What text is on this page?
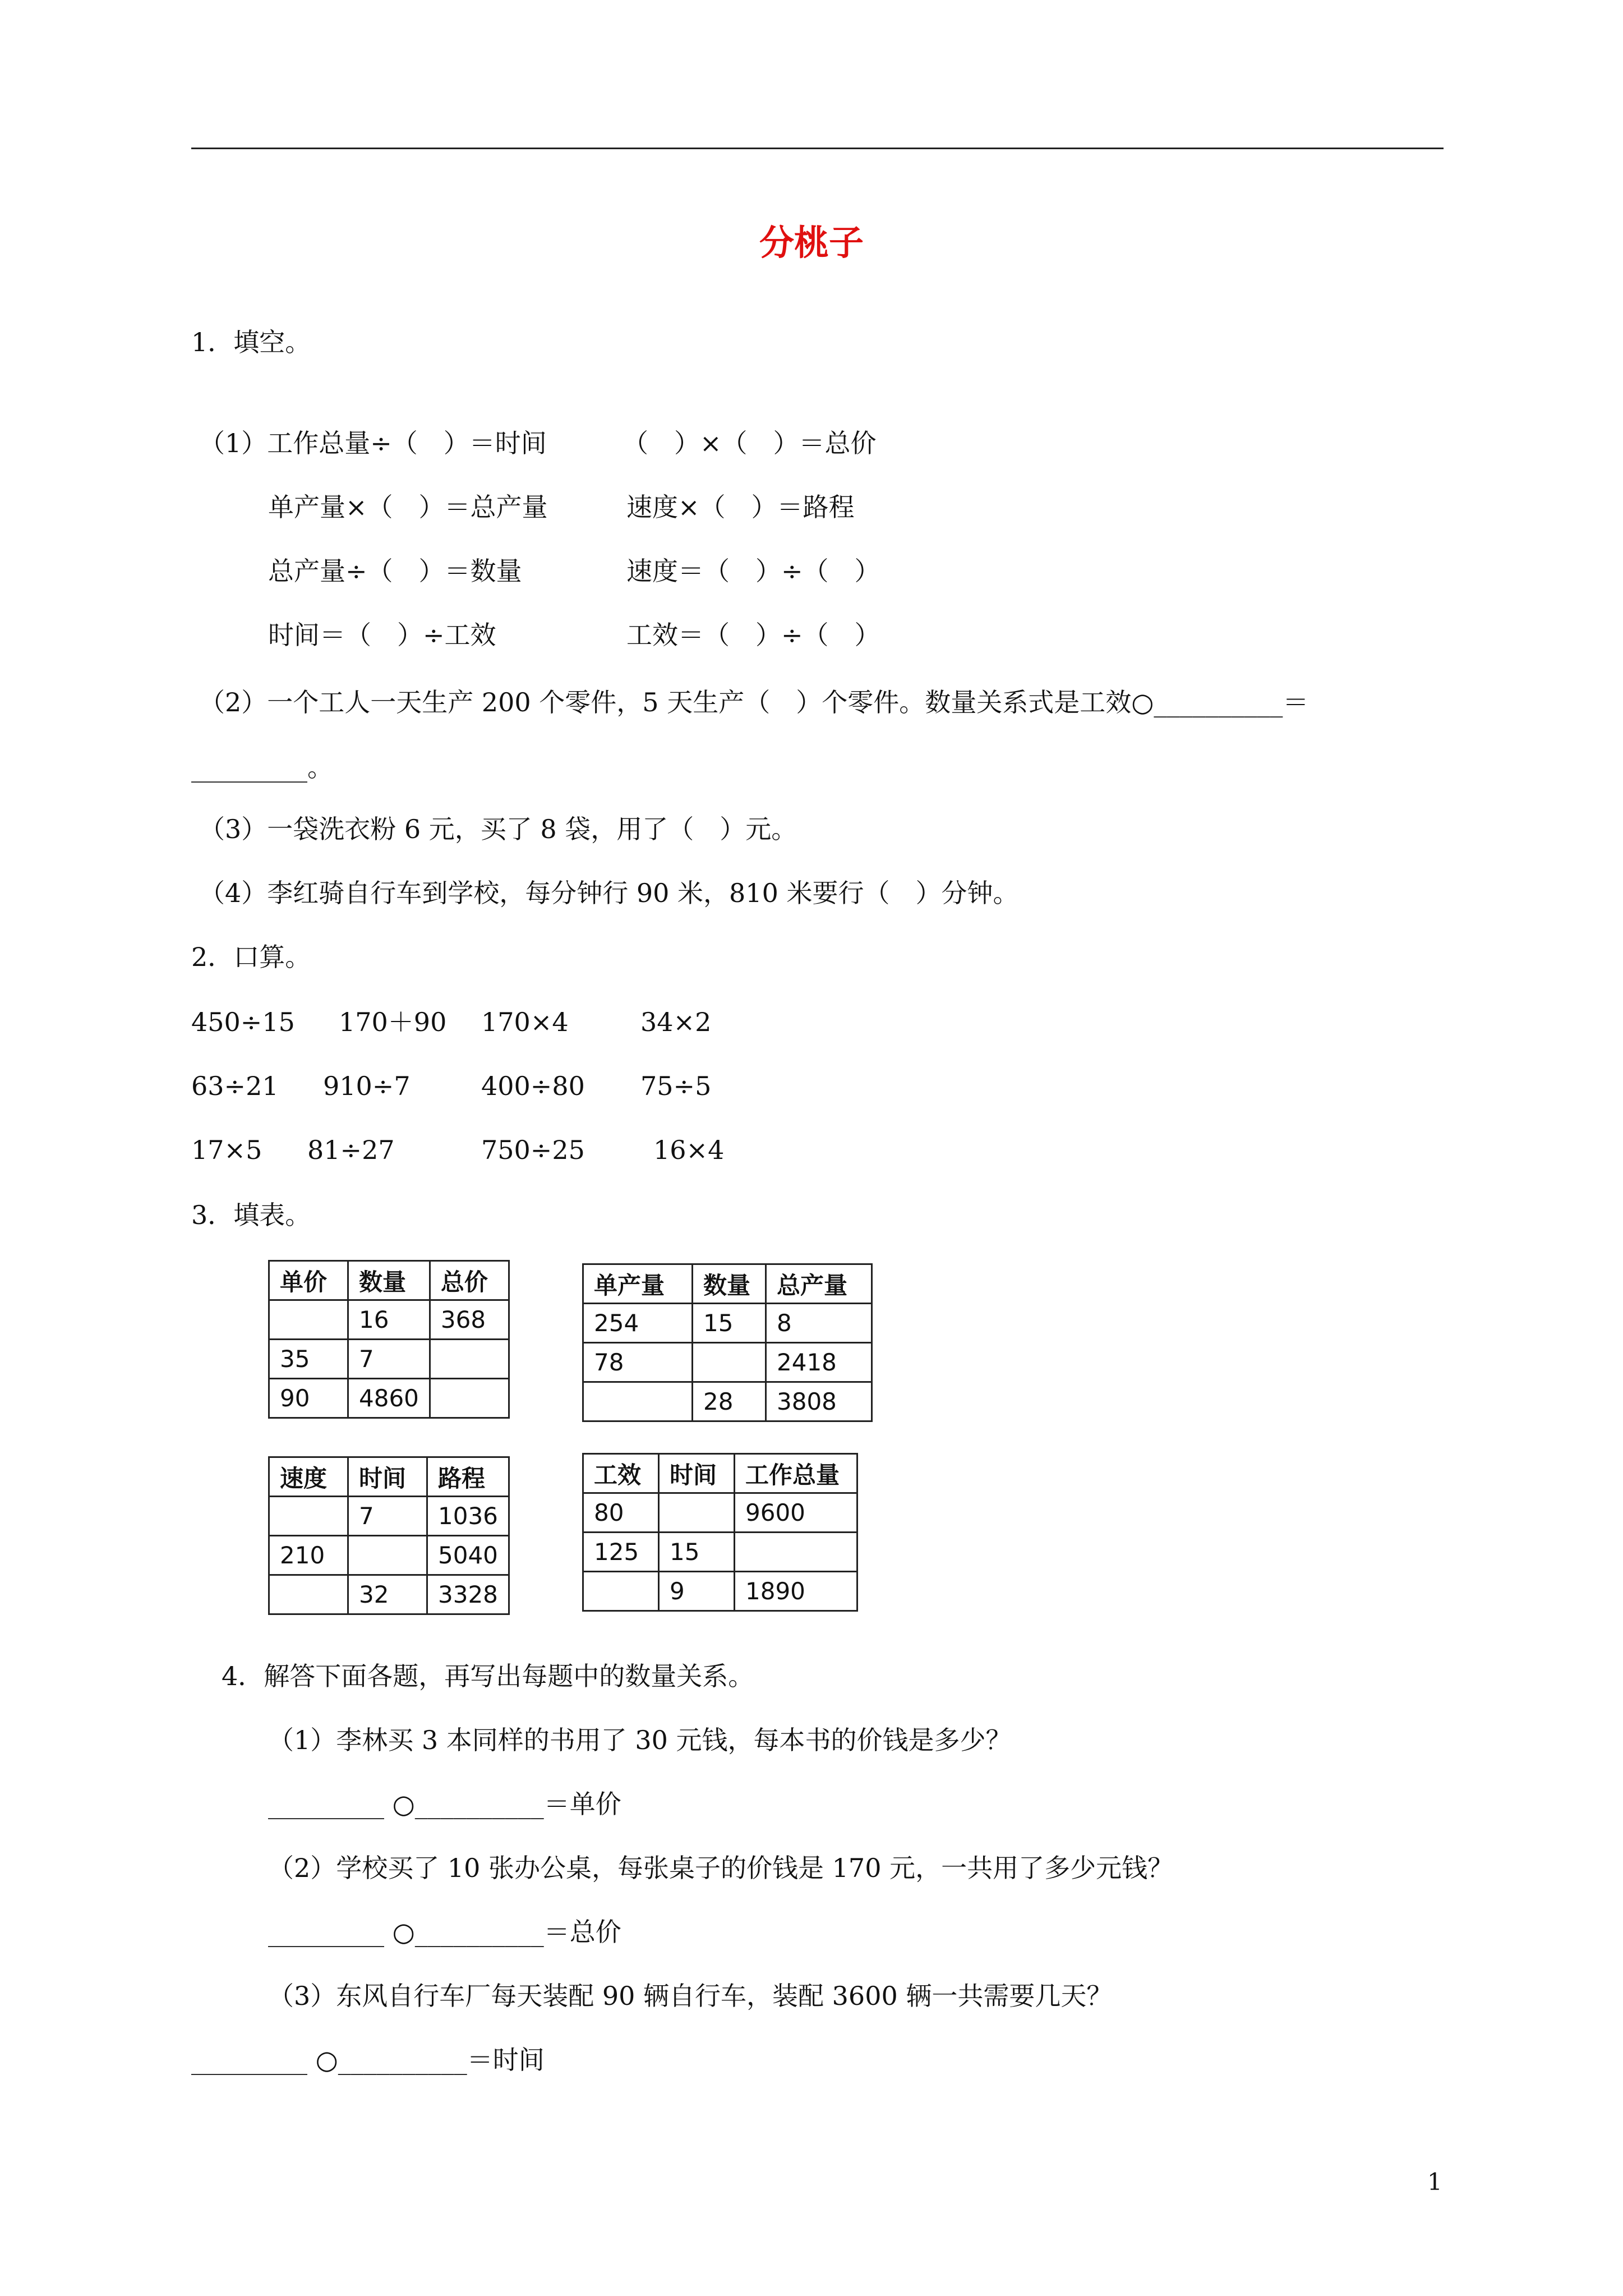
分桃子
1．填空。
（1）工作总量÷（　）＝时间	（　）×（　）＝总价
单产量×（　）＝总产量	速度×（　）＝路程
总产量÷（　）＝数量	速度＝（　）÷（　）
时间＝（　）÷工效	工效＝（　）÷（　）
（2）一个工人一天生产 200 个零件，5 天生产（　）个零件。数量关系式是工效○__________＝
_________。
（3）一袋洗衣粉 6 元，买了 8 袋，用了（　）元。
（4）李红骑自行车到学校，每分钟行 90 米，810 米要行（　）分钟。
2．口算。
450÷15 170＋90 170×4	34×2
63÷21 910÷7	400÷80 75÷5
17×5 81÷27	750÷25	16×4
3．填表。
单价	数量	总价
	16	368
35	7	
90	4860	
单产量	数量	总产量
254	15	8
78		2418
	28	3808
速度	时间	路程
	7	1036
210		5040
	32	3328
工效	时间	工作总量
80		9600
125	15	
	9	1890
4．解答下面各题，再写出每题中的数量关系。
（1）李林买 3 本同样的书用了 30 元钱，每本书的价钱是多少？
_________ ○__________＝单价
（2）学校买了 10 张办公桌，每张桌子的价钱是 170 元，一共用了多少元钱？
_________ ○__________＝总价
（3）东风自行车厂每天装配 90 辆自行车，装配 3600 辆一共需要几天？
_________ ○__________＝时间
1
